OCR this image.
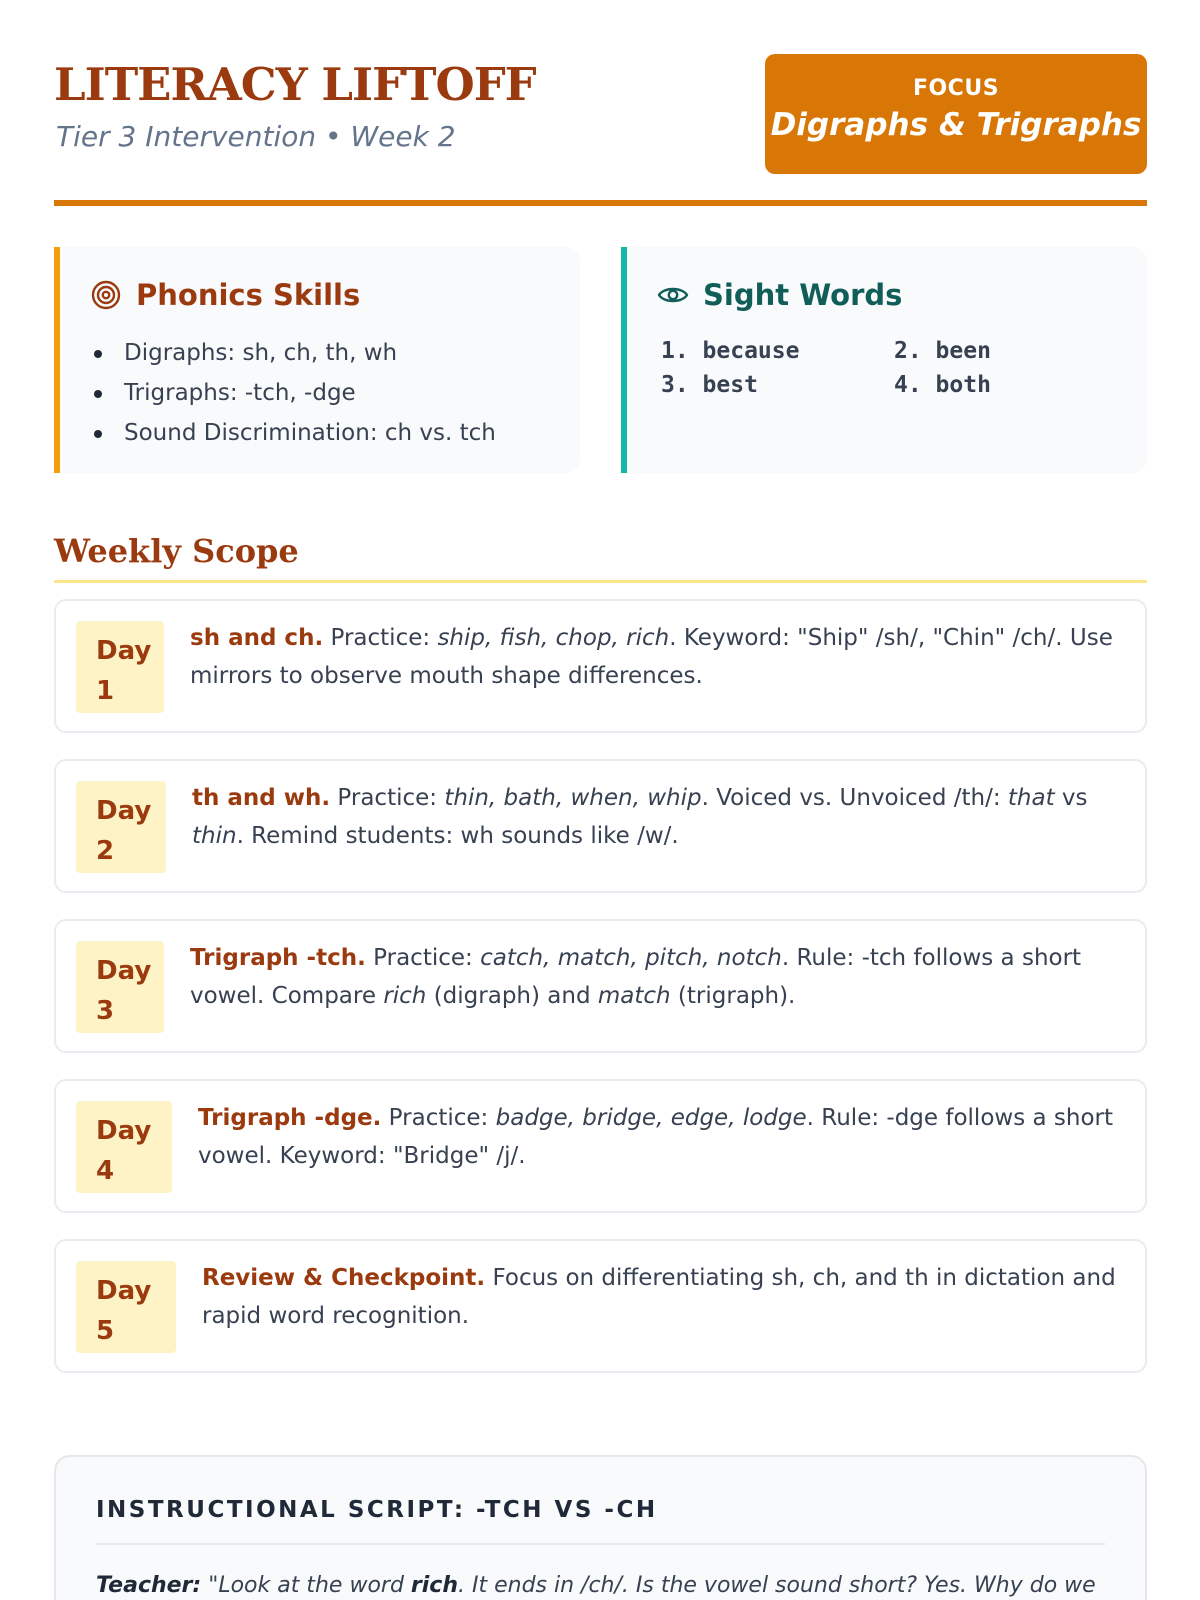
LITERACY LIFTOFF
Tier 3 Intervention • Week 2
FOCUS
Digraphs & Trigraphs
Phonics Skills
Digraphs: sh, ch, th, wh
Trigraphs: -tch, -dge
Sound Discrimination: ch vs. tch
Sight Words
1. because	2. been
3. best	4. both
Weekly Scope
Day
1
sh and ch. Practice: ship, fish, chop, rich. Keyword: "Ship" /sh/, "Chin" /ch/. Use mirrors to observe mouth shape differences.
Day
2
th and wh. Practice: thin, bath, when, whip. Voiced vs. Unvoiced /th/: that vs thin. Remind students: wh sounds like /w/.
Day
3
Trigraph -tch. Practice: catch, match, pitch, notch. Rule: -tch follows a short vowel. Compare rich (digraph) and match (trigraph).
Day
4
Trigraph -dge. Practice: badge, bridge, edge, lodge. Rule: -dge follows a short vowel. Keyword: "Bridge" /j/.
Day
5
Review & Checkpoint. Focus on differentiating sh, ch, and th in dictation and rapid word recognition.
INSTRUCTIONAL SCRIPT: -TCH VS -CH
Teacher: "Look at the word rich. It ends in /ch/. Is the vowel sound short? Yes. Why do we
